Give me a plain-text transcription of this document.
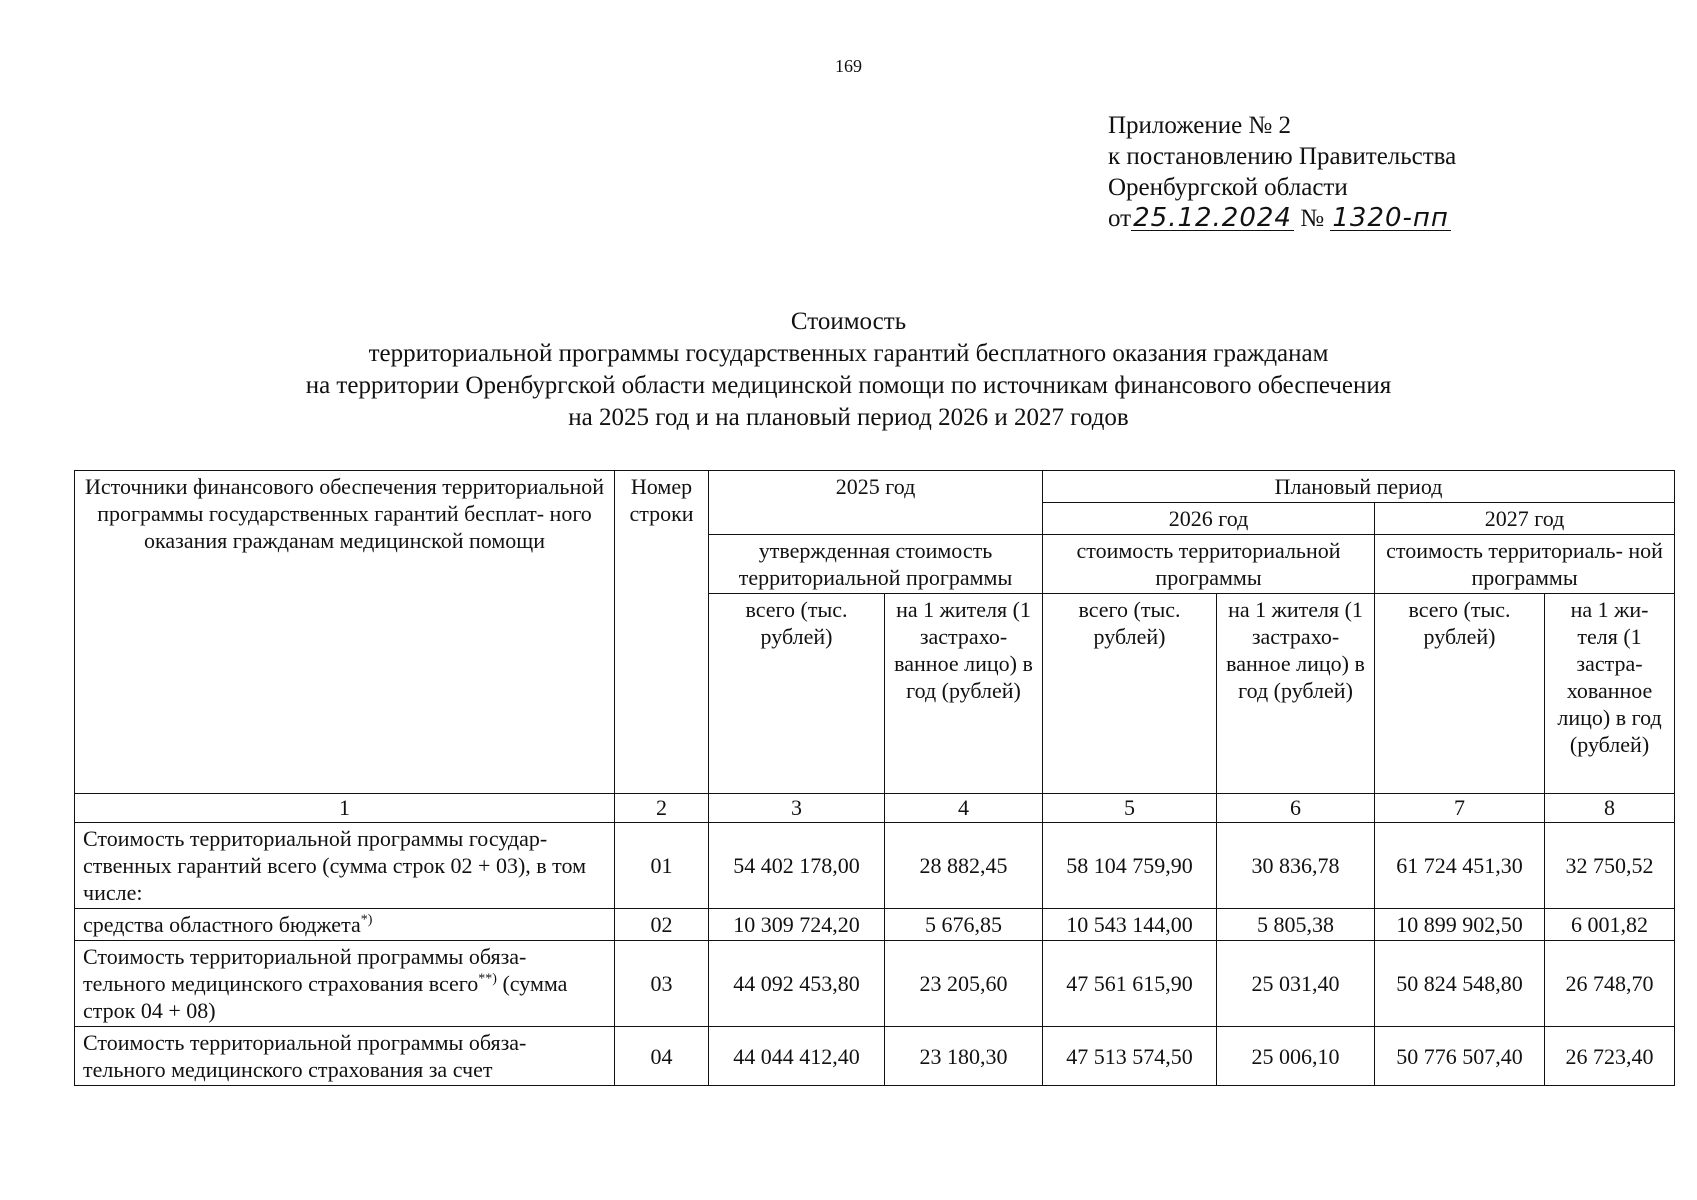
169
Приложение № 2
к постановлению Правительства
Оренбургской области
от25.12.2024 № 1320-пп
Стоимость
территориальной программы государственных гарантий бесплатного оказания гражданам
на территории Оренбургской области медицинской помощи по источникам финансового обеспечения
на 2025 год и на плановый период 2026 и 2027 годов
Источники финансового обеспечения территориальной программы государственных гарантий бесплат- ного оказания гражданам медицинской помощи	Номер строки	2025 год		Плановый период			
				2026 год		2027 год	
		утвержденная стоимость территориальной программы		стоимость территориальной программы		стоимость территориаль- ной программы	
		всего (тыс. рублей)	на 1 жителя (1 застрахо- ванное лицо) в год (рублей)	всего (тыс. рублей)	на 1 жителя (1 застрахо- ванное лицо) в год (рублей)	всего (тыс. рублей)	на 1 жи- теля (1 застра- хованное лицо) в год (рублей)
1	2	3	4	5	6	7	8
Стоимость территориальной программы государ- ственных гарантий всего (сумма строк 02 + 03), в том числе:	01	54 402 178,00	28 882,45	58 104 759,90	30 836,78	61 724 451,30	32 750,52
средства областного бюджета*)	02	10 309 724,20	5 676,85	10 543 144,00	5 805,38	10 899 902,50	6 001,82
Стоимость территориальной программы обяза- тельного медицинского страхования всего**) (сумма строк 04 + 08)	03	44 092 453,80	23 205,60	47 561 615,90	25 031,40	50 824 548,80	26 748,70
Стоимость территориальной программы обяза- тельного медицинского страхования за счет	04	44 044 412,40	23 180,30	47 513 574,50	25 006,10	50 776 507,40	26 723,40
